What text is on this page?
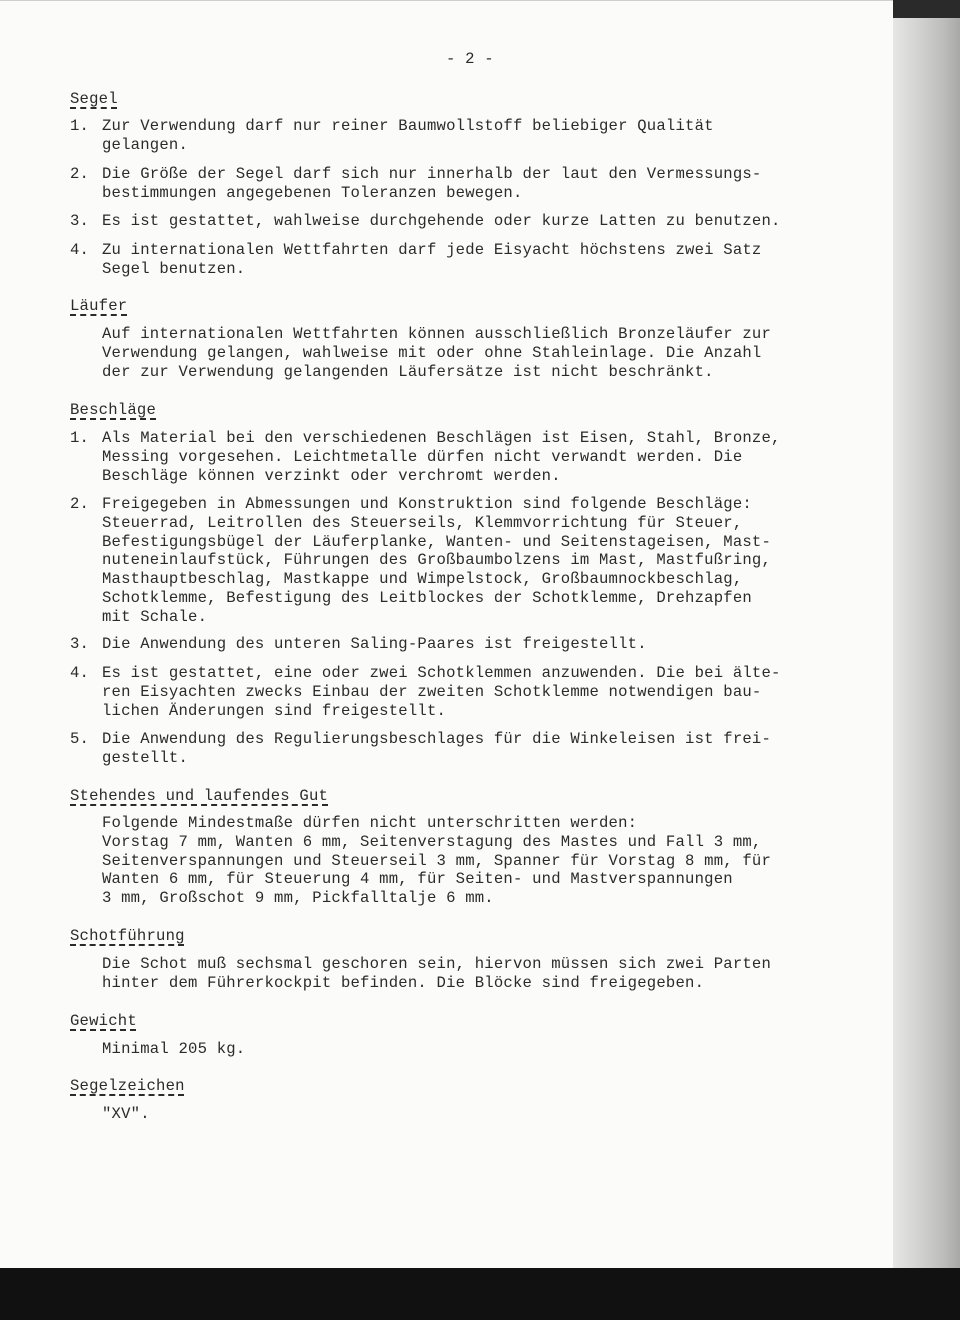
- 2 -
Segel

1.

Zur Verwendung darf nur reiner Baumwollstoff beliebiger Qualität
gelangen.

2.

Die Größe der Segel darf sich nur innerhalb der laut den Vermessungs-
bestimmungen angegebenen Toleranzen bewegen.

3.

Es ist gestattet, wahlweise durchgehende oder kurze Latten zu benutzen.

4.

Zu internationalen Wettfahrten darf jede Eisyacht höchstens zwei Satz
Segel benutzen.

Läufer
Auf internationalen Wettfahrten können ausschließlich Bronzeläufer zur
Verwendung gelangen, wahlweise mit oder ohne Stahleinlage. Die Anzahl
der zur Verwendung gelangenden Läufersätze ist nicht beschränkt.
Beschläge

1.

Als Material bei den verschiedenen Beschlägen ist Eisen, Stahl, Bronze,
Messing vorgesehen. Leichtmetalle dürfen nicht verwandt werden. Die
Beschläge können verzinkt oder verchromt werden.

2.

Freigegeben in Abmessungen und Konstruktion sind folgende Beschläge:
Steuerrad, Leitrollen des Steuerseils, Klemmvorrichtung für Steuer,
Befestigungsbügel der Läuferplanke, Wanten- und Seitenstageisen, Mast-
nuteneinlaufstück, Führungen des Großbaumbolzens im Mast, Mastfußring,
Masthauptbeschlag, Mastkappe und Wimpelstock, Großbaumnockbeschlag,
Schotklemme, Befestigung des Leitblockes der Schotklemme, Drehzapfen
mit Schale.

3.

Die Anwendung des unteren Saling-Paares ist freigestellt.

4.

Es ist gestattet, eine oder zwei Schotklemmen anzuwenden. Die bei älte-
ren Eisyachten zwecks Einbau der zweiten Schotklemme notwendigen bau-
lichen Änderungen sind freigestellt.

5.

Die Anwendung des Regulierungsbeschlages für die Winkeleisen ist frei-
gestellt.

Stehendes und laufendes Gut
Folgende Mindestmaße dürfen nicht unterschritten werden:
Vorstag 7 mm, Wanten 6 mm, Seitenverstagung des Mastes und Fall 3 mm,
Seitenverspannungen und Steuerseil 3 mm, Spanner für Vorstag 8 mm, für
Wanten 6 mm, für Steuerung 4 mm, für Seiten- und Mastverspannungen
3 mm, Großschot 9 mm, Pickfalltalje 6 mm.
Schotführung
Die Schot muß sechsmal geschoren sein, hiervon müssen sich zwei Parten
hinter dem Führerkockpit befinden. Die Blöcke sind freigegeben.
Gewicht
Minimal 205 kg.
Segelzeichen
"XV".
